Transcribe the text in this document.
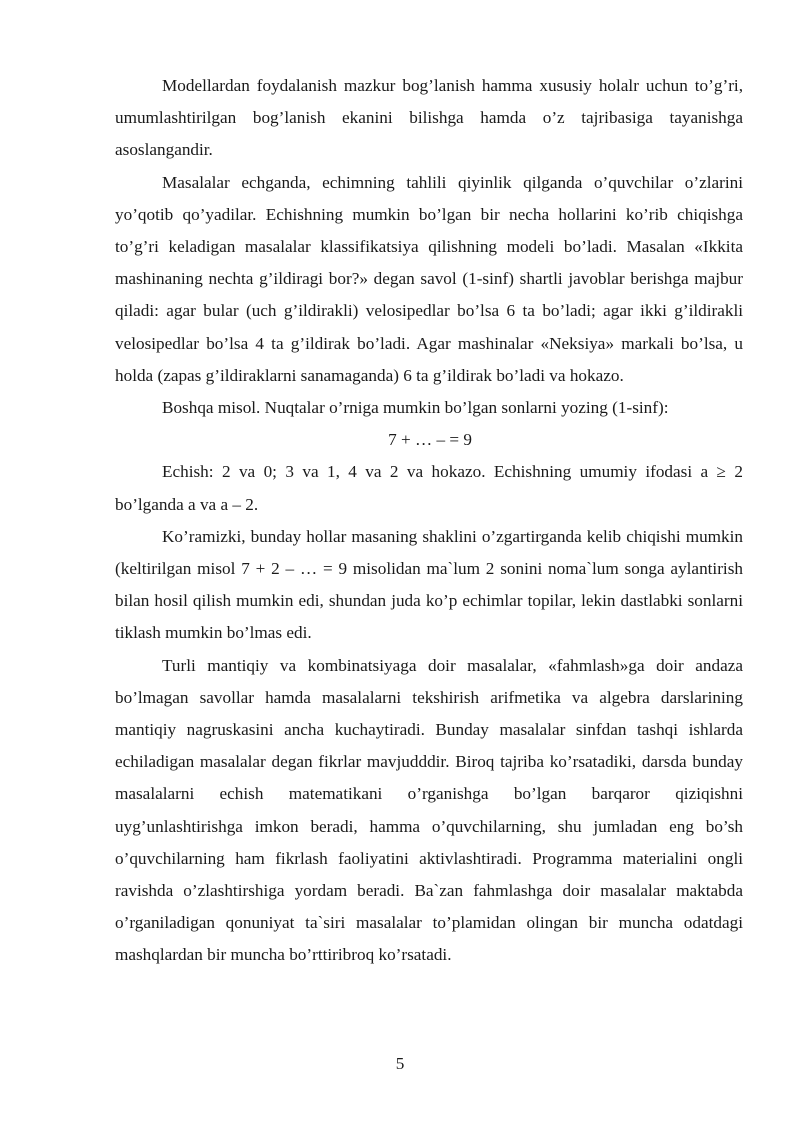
Modellardan foydalanish mazkur bog’lanish hamma xususiy holalr uchun to’g’ri, umumlashtirilgan bog’lanish ekanini bilishga hamda o’z tajribasiga tayanishga asoslangandir.

Masalalar echganda, echimning tahlili qiyinlik qilganda o’quvchilar o’zlarini yo’qotib qo’yadilar. Echishning mumkin bo’lgan bir necha hollarini ko’rib chiqishga to’g’ri keladigan masalalar klassifikatsiya qilishning modeli bo’ladi. Masalan «Ikkita mashinaning nechta g’ildiragi bor?» degan savol (1-sinf) shartli javoblar berishga majbur qiladi: agar bular (uch g’ildirakli) velosipedlar bo’lsa 6 ta bo’ladi; agar ikki g’ildirakli velosipedlar bo’lsa 4 ta g’ildirak bo’ladi. Agar mashinalar «Neksiya» markali bo’lsa, u holda (zapas g’ildiraklarni sanamaganda) 6 ta g’ildirak bo’ladi va hokazo.

Boshqa misol. Nuqtalar o’rniga mumkin bo’lgan sonlarni yozing (1-sinf):

7 + … – = 9

Echish: 2 va 0; 3 va 1, 4 va 2 va hokazo. Echishning umumiy ifodasi a ≥ 2 bo’lganda a va a – 2.

Ko’ramizki, bunday hollar masaning shaklini o’zgartirganda kelib chiqishi mumkin (keltirilgan misol 7 + 2 – … = 9 misolidan ma`lum 2 sonini noma`lum songa aylantirish bilan hosil qilish mumkin edi, shundan juda ko’p echimlar topilar, lekin dastlabki sonlarni tiklash mumkin bo’lmas edi.

Turli mantiqiy va kombinatsiyaga doir masalalar, «fahmlash»ga doir andaza bo’lmagan savollar hamda masalalarni tekshirish arifmetika va algebra darslarining mantiqiy nagruskasini ancha kuchaytiradi. Bunday masalalar sinfdan tashqi ishlarda echiladigan masalalar degan fikrlar mavjudddir. Biroq tajriba ko’rsatadiki, darsda bunday masalalarni echish matematikani o’rganishga bo’lgan barqaror qiziqishni uyg’unlashtirishga imkon beradi, hamma o’quvchilarning, shu jumladan eng bo’sh o’quvchilarning ham fikrlash faoliyatini aktivlashtiradi. Programma materialini ongli ravishda o’zlashtirshiga yordam beradi. Ba`zan fahmlashga doir masalalar maktabda o’rganiladigan qonuniyat ta`siri masalalar to’plamidan olingan bir muncha odatdagi mashqlardan bir muncha bo’rttiribroq ko’rsatadi.

5
